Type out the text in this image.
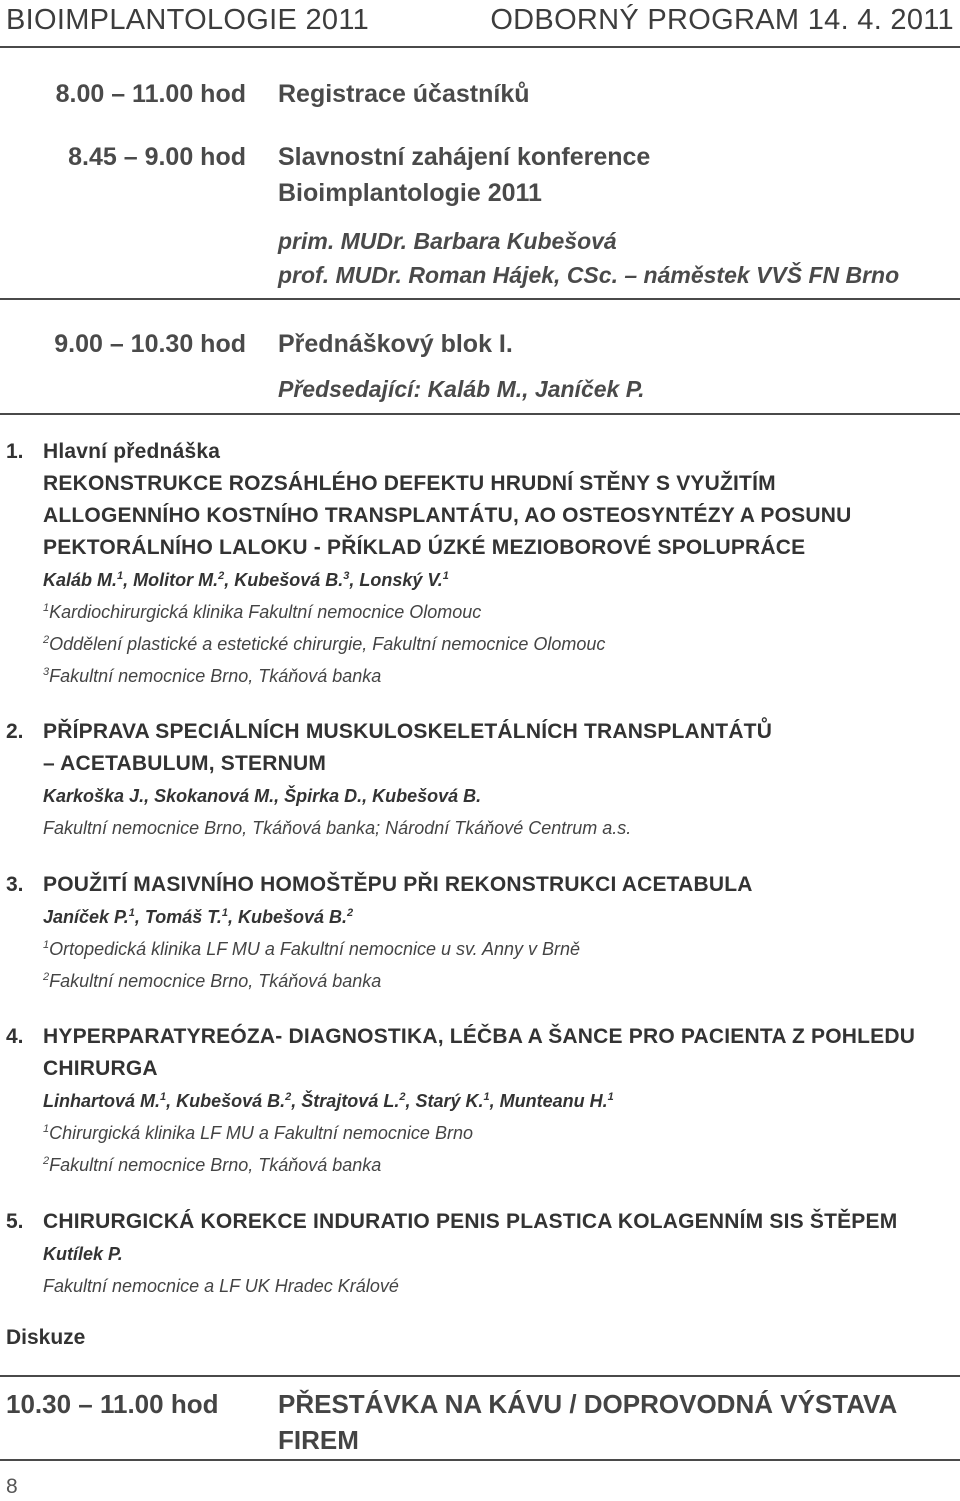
BIOIMPLANTOLOGIE 2011	ODBORNÝ PROGRAM 14. 4. 2011
8.00 – 11.00 hod Registrace účastníků
8.45 – 9.00 hod Slavnostní zahájení konference
Bioimplantologie 2011
prim. MUDr. Barbara Kubešová
prof. MUDr. Roman Hájek, CSc. – náměstek VVŠ FN Brno
9.00 – 10.30 hod Přednáškový blok I.
Předsedající: Kaláb M., Janíček P.
1. Hlavní přednáška
REKONSTRUKCE ROZSÁHLÉHO DEFEKTU HRUDNÍ STĚNY S VYUŽITÍM
ALLOGENNÍHO KOSTNÍHO TRANSPLANTÁTU, AO OSTEOSYNTÉZY A POSUNU
PEKTORÁLNÍHO LALOKU - PŘÍKLAD ÚZKÉ MEZIOBOROVÉ SPOLUPRÁCE
Kaláb M.$^1$, Molitor M.$^2$, Kubešová B.$^3$, Lonský V.$^1$
$^1$Kardiochirurgická klinika Fakultní nemocnice Olomouc
$^2$Oddělení plastické a estetické chirurgie, Fakultní nemocnice Olomouc
$^3$Fakultní nemocnice Brno, Tkáňová banka
2. PŘÍPRAVA SPECIÁLNÍCH MUSKULOSKELETÁLNÍCH TRANSPLANTÁTŮ
– ACETABULUM, STERNUM
Karkoška J., Skokanová M., Špirka D., Kubešová B.
Fakultní nemocnice Brno, Tkáňová banka; Národní Tkáňové Centrum a.s.
3. POUŽITÍ MASIVNÍHO HOMOŠTĚPU PŘI REKONSTRUKCI ACETABULA
Janíček P.$^1$, Tomáš T.$^1$, Kubešová B.$^2$
$^1$Ortopedická klinika LF MU a Fakultní nemocnice u sv. Anny v Brně
$^2$Fakultní nemocnice Brno, Tkáňová banka
4. HYPERPARATYREÓZA- DIAGNOSTIKA, LÉČBA A ŠANCE PRO PACIENTA Z POHLEDU
CHIRURGA
Linhartová M.$^1$, Kubešová B.$^2$, Štrajtová L.$^2$, Starý K.$^1$, Munteanu H.$^1$
$^1$Chirurgická klinika LF MU a Fakultní nemocnice Brno
$^2$Fakultní nemocnice Brno, Tkáňová banka
5. CHIRURGICKÁ KOREKCE INDURATIO PENIS PLASTICA KOLAGENNÍM SIS ŠTĚPEM
Kutílek P.
Fakultní nemocnice a LF UK Hradec Králové
Diskuze
10.30 – 11.00 hod PŘESTÁVKA NA KÁVU / DOPROVODNÁ VÝSTAVA FIREM
8
